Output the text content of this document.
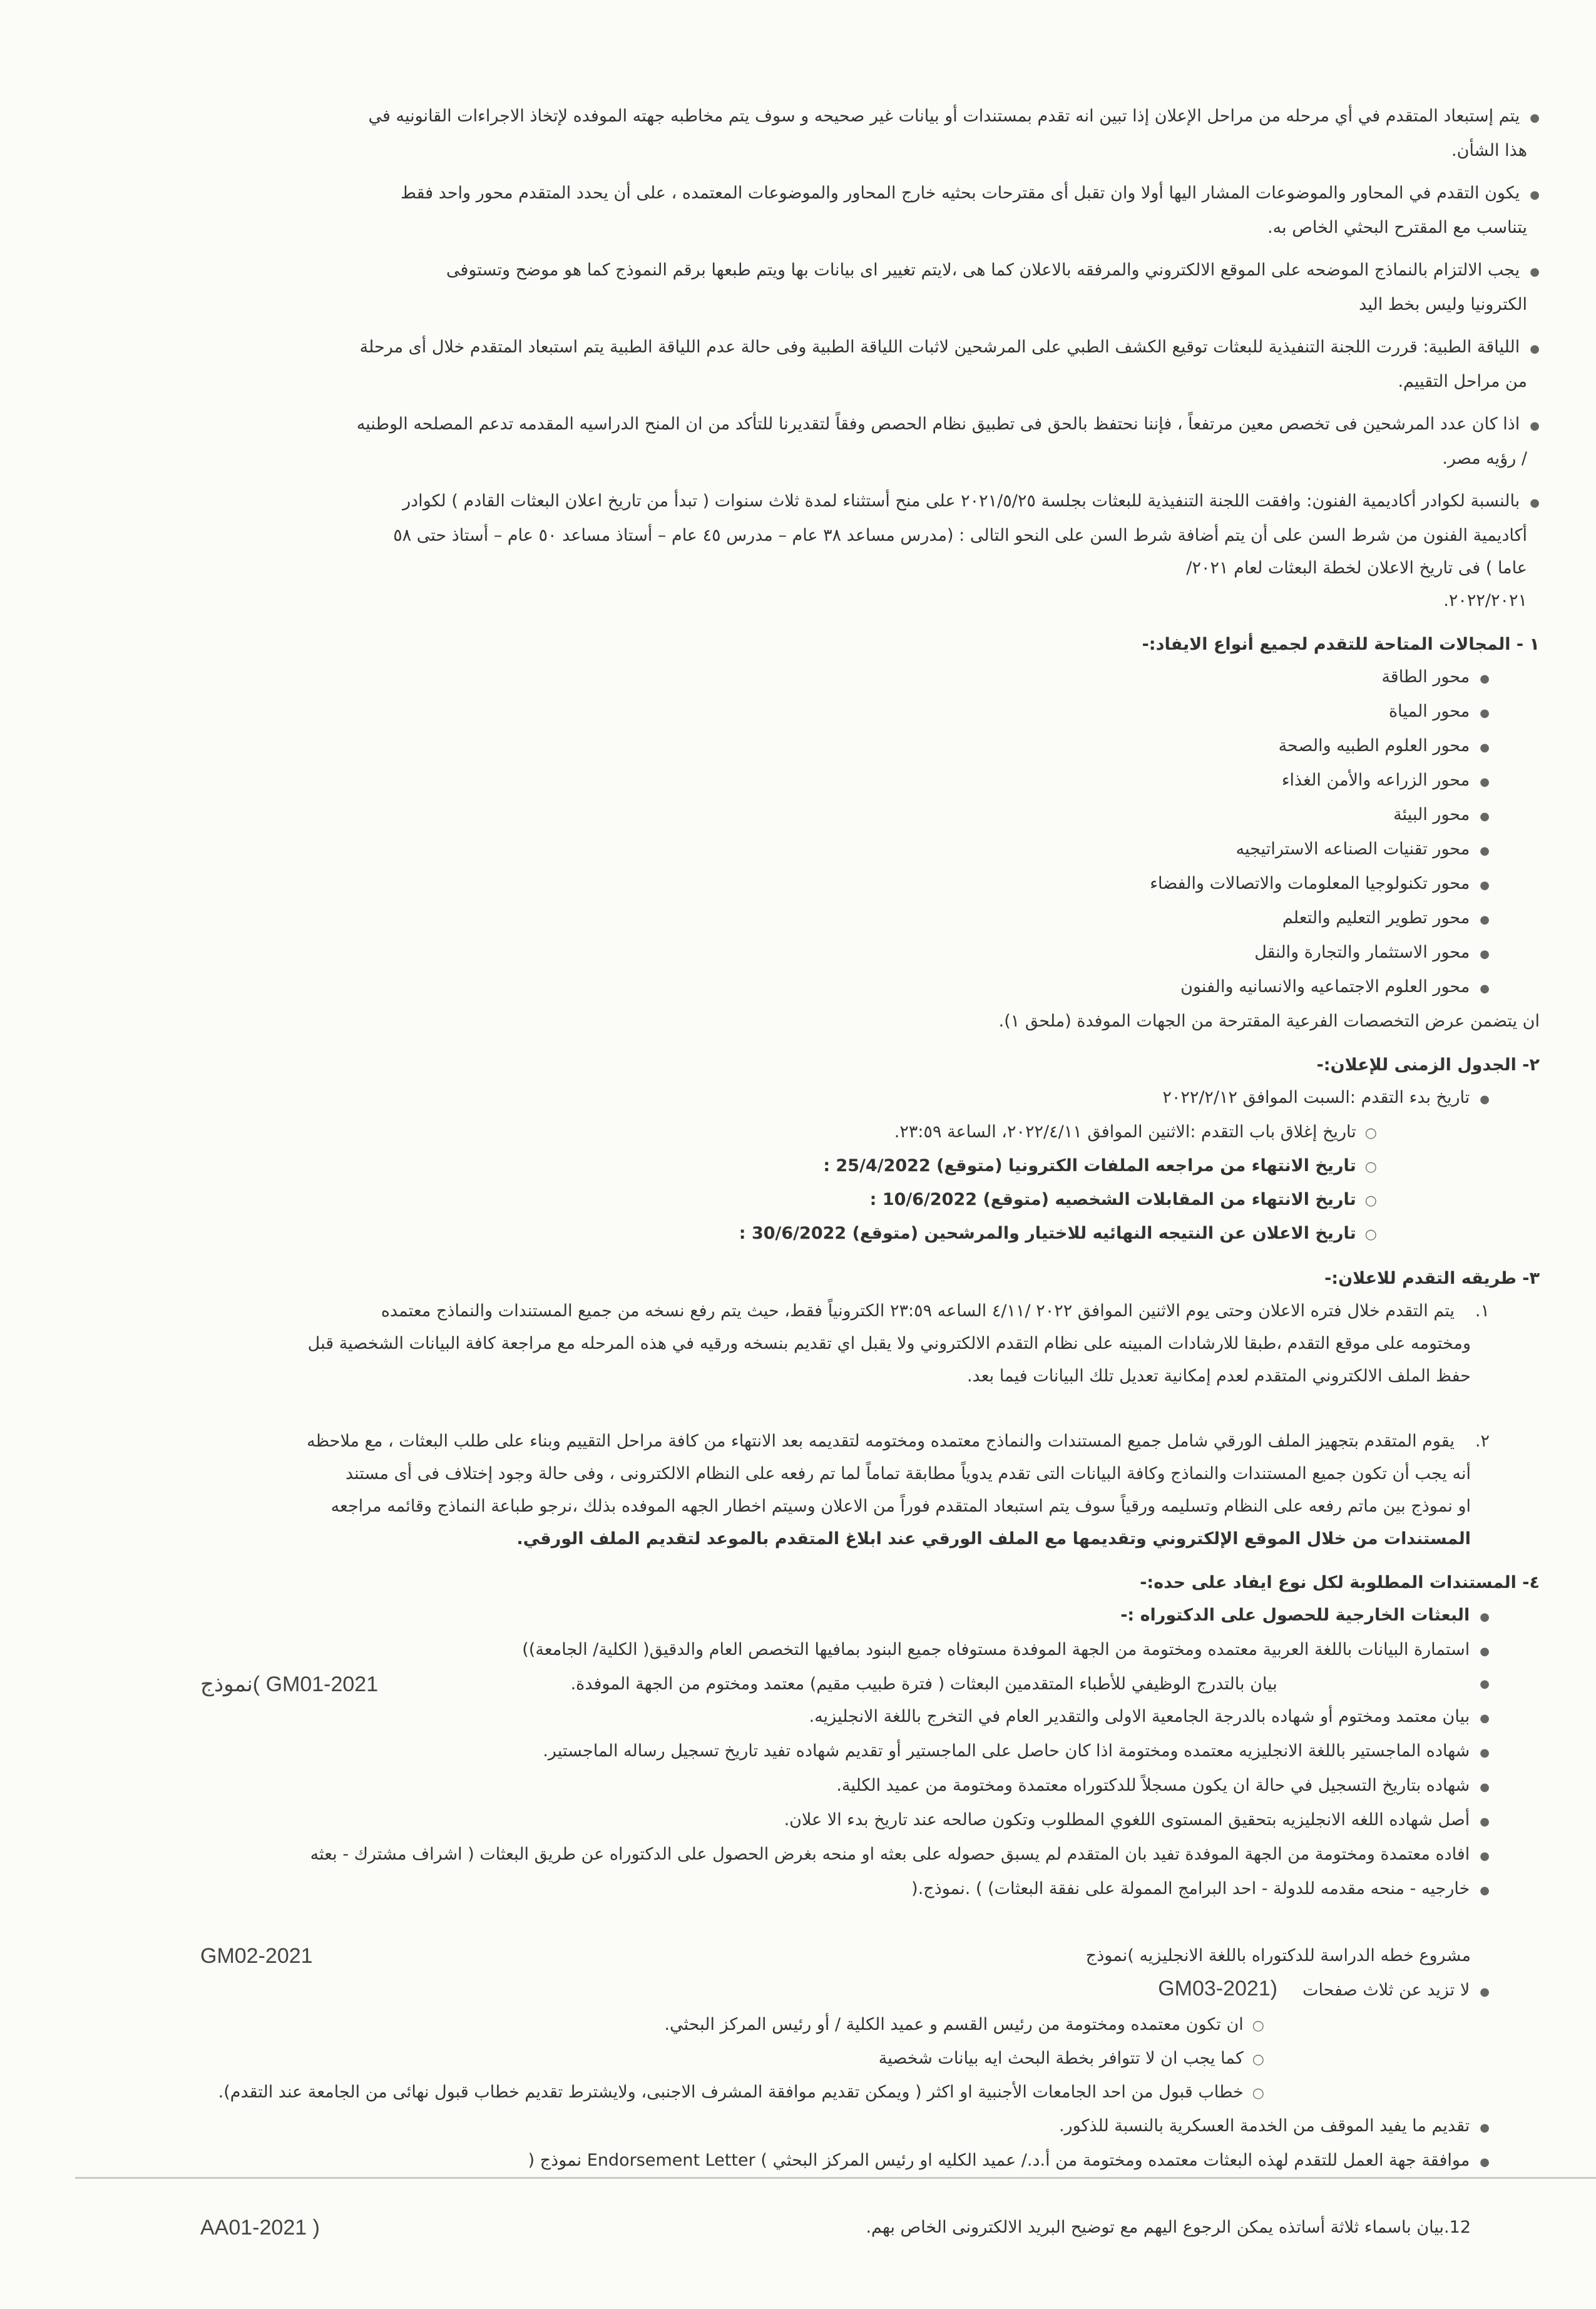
● يتم إستبعاد المتقدم في أي مرحله من مراحل الإعلان إذا تبين انه تقدم بمستندات أو بيانات غير صحيحه و سوف يتم مخاطبه جهته الموفده لإتخاذ الاجراءات القانونيه في
هذا الشأن.
● يكون التقدم في المحاور والموضوعات المشار اليها أولا وان تقبل أى مقترحات بحثيه خارج المحاور والموضوعات المعتمده ، على أن يحدد المتقدم محور واحد فقط
يتناسب مع المقترح البحثي الخاص به.
● يجب الالتزام بالنماذج الموضحه على الموقع الالكتروني والمرفقه بالاعلان كما هى ،لايتم تغيير اى بيانات بها ويتم طبعها برقم النموذج كما هو موضح وتستوفى
الكترونيا وليس بخط اليد
● اللياقة الطبية: قررت اللجنة التنفيذية للبعثات توقيع الكشف الطبي على المرشحين لاثبات اللياقة الطبية وفى حالة عدم اللياقة الطبية يتم استبعاد المتقدم خلال أى مرحلة
من مراحل التقييم.
● اذا كان عدد المرشحين فى تخصص معين مرتفعاً ، فإننا نحتفظ بالحق فى تطبيق نظام الحصص وفقاً لتقديرنا للتأكد من ان المنح الدراسيه المقدمه تدعم المصلحه الوطنيه
/ رؤيه مصر.
● بالنسبة لكوادر أكاديمية الفنون: وافقت اللجنة التنفيذية للبعثات بجلسة ٢٠٢١/٥/٢٥ على منح أستثناء لمدة ثلاث سنوات ( تبدأ من تاريخ اعلان البعثات القادم ) لكوادر
أكاديمية الفنون من شرط السن على أن يتم أضافة شرط السن على النحو التالى : (مدرس مساعد ٣٨ عام – مدرس ٤٥ عام – أستاذ مساعد ٥٠ عام – أستاذ حتى ٥٨
عاما ) فى تاريخ الاعلان لخطة البعثات لعام ٢٠٢١/
٢٠٢٢/٢٠٢١.
١ - المجالات المتاحة للتقدم لجميع أنواع الايفاد:-
● محور الطاقة
● محور المياة
● محور العلوم الطبيه والصحة
● محور الزراعه والأمن الغذاء
● محور البيئة
● محور تقنيات الصناعه الاستراتيجيه
● محور تكنولوجيا المعلومات والاتصالات والفضاء
● محور تطوير التعليم والتعلم
● محور الاستثمار والتجارة والنقل
● محور العلوم الاجتماعيه والانسانيه والفنون
ان يتضمن عرض التخصصات الفرعية المقترحة من الجهات الموفدة (ملحق ١).
٢- الجدول الزمنى للإعلان:-
● تاريخ بدء التقدم :السبت الموافق ٢٠٢٢/٢/١٢
○ تاريخ إغلاق باب التقدم :الاثنين الموافق ٢٠٢٢/٤/١١، الساعة ٢٣:٥٩.
○ تاريخ الانتهاء من مراجعه الملفات الكترونيا (متوقع) 25/4/2022 :
○ تاريخ الانتهاء من المقابلات الشخصيه (متوقع) 10/6/2022 :
○ تاريخ الاعلان عن النتيجه النهائيه للاختيار والمرشحين (متوقع) 30/6/2022 :
٣- طريقه التقدم للاعلان:-
١.يتم التقدم خلال فتره الاعلان وحتى يوم الاثنين الموافق ٢٠٢٢ /٤/١١ الساعه ٢٣:٥٩ الكترونياً فقط، حيث يتم رفع نسخه من جميع المستندات والنماذج معتمده
ومختومه على موقع التقدم ،طبقا للارشادات المبينه على نظام التقدم الالكتروني ولا يقبل اي تقديم بنسخه ورقيه في هذه المرحله مع مراجعة كافة البيانات الشخصية قبل
حفظ الملف الالكتروني المتقدم لعدم إمكانية تعديل تلك البيانات فيما بعد.
٢.يقوم المتقدم بتجهيز الملف الورقي شامل جميع المستندات والنماذج معتمده ومختومه لتقديمه بعد الانتهاء من كافة مراحل التقييم وبناء على طلب البعثات ، مع ملاحظه
أنه يجب أن تكون جميع المستندات والنماذج وكافة البيانات التى تقدم يدوياً مطابقة تماماً لما تم رفعه على النظام الالكترونى ، وفى حالة وجود إختلاف فى أى مستند
او نموذج بين ماتم رفعه على النظام وتسليمه ورقياً سوف يتم استبعاد المتقدم فوراً من الاعلان وسيتم اخطار الجهه الموفده بذلك ،نرجو طباعة النماذج وقائمه مراجعه
المستندات من خلال الموقع الإلكتروني وتقديمها مع الملف الورقي عند ابلاغ المتقدم بالموعد لتقديم الملف الورقي.
٤- المستندات المطلوبة لكل نوع ايفاد على حده:-
● البعثات الخارجية للحصول على الدكتوراه :-
● استمارة البيانات باللغة العربية معتمده ومختومة من الجهة الموفدة مستوفاه جميع البنود بمافيها التخصص العام والدقيق( الكلية/ الجامعة))
● بيان بالتدرج الوظيفي للأطباء المتقدمين البعثات ( فترة طبيب مقيم) معتمد ومختوم من الجهة الموفدة.
نموذج( GM01-2021
● بيان معتمد ومختوم أو شهاده بالدرجة الجامعية الاولى والتقدير العام في التخرج باللغة الانجليزيه.
● شهاده الماجستير باللغة الانجليزيه معتمده ومختومة اذا كان حاصل على الماجستير أو تقديم شهاده تفيد تاريخ تسجيل رساله الماجستير.
● شهاده بتاريخ التسجيل في حالة ان يكون مسجلاً للدكتوراه معتمدة ومختومة من عميد الكلية.
● أصل شهاده اللغه الانجليزيه بتحقيق المستوى اللغوي المطلوب وتكون صالحه عند تاريخ بدء الا علان.
● افاده معتمدة ومختومة من الجهة الموفدة تفيد بان المتقدم لم يسبق حصوله على بعثه او منحه بغرض الحصول على الدكتوراه عن طريق البعثات ( اشراف مشترك - بعثه
● خارجيه - منحه مقدمه للدولة - احد البرامج الممولة على نفقة البعثات) ) .نموذج.(
مشروع خطه الدراسة للدكتوراه باللغة الانجليزيه )نموذج
GM02-2021
● لا تزيد عن ثلاث صفحاتGM03-2021)
○ ان تكون معتمده ومختومة من رئيس القسم و عميد الكلية / أو رئيس المركز البحثي.
○ كما يجب ان لا تتوافر بخطة البحث ايه بيانات شخصية
○ خطاب قبول من احد الجامعات الأجنبية او اكثر ( ويمكن تقديم موافقة المشرف الاجنبى، ولايشترط تقديم خطاب قبول نهائى من الجامعة عند التقدم).
● تقديم ما يفيد الموقف من الخدمة العسكرية بالنسبة للذكور.
● موافقة جهة العمل للتقدم لهذه البعثات معتمده ومختومة من أ.د./ عميد الكليه او رئيس المركز البحثي ) Endorsement Letter نموذج (
12.بيان باسماء ثلاثة أساتذه يمكن الرجوع اليهم مع توضيح البريد الالكترونى الخاص بهم.
AA01-2021 )
